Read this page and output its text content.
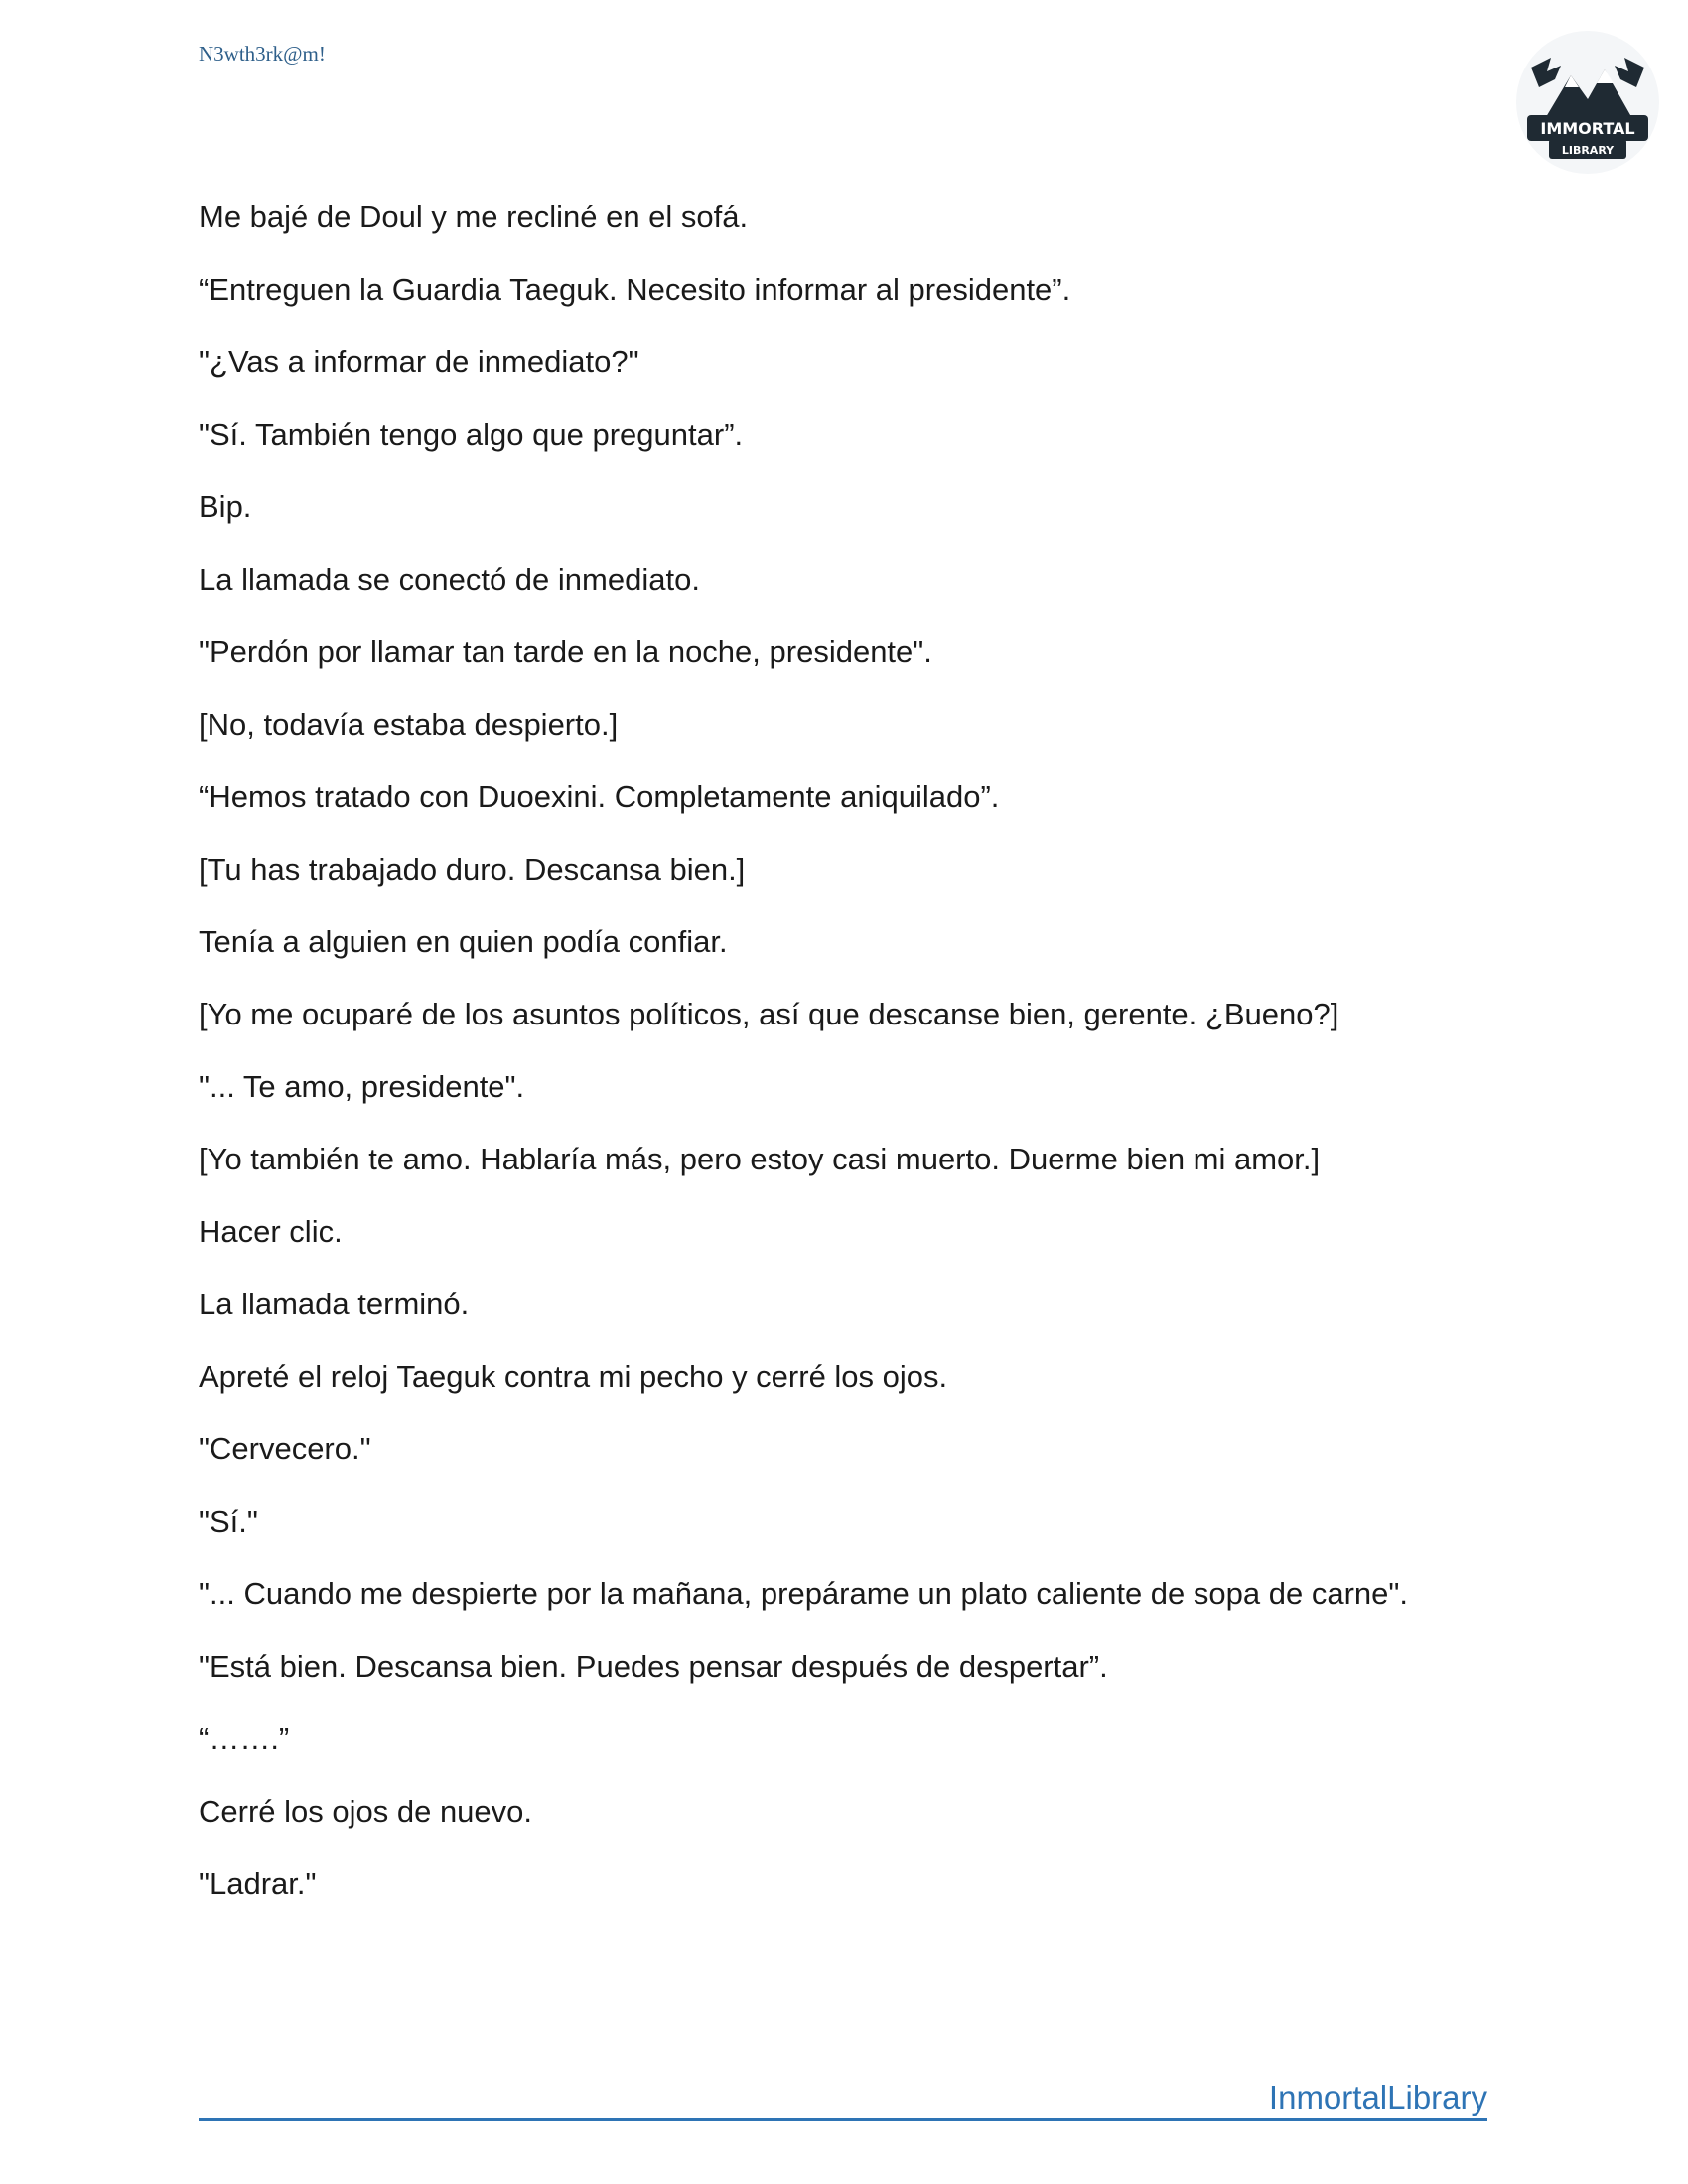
N3wth3rk@m!
IMMORTAL
LIBRARY

Me bajé de Doul y me recliné en el sofá.

“Entreguen la Guardia Taeguk. Necesito informar al presidente”.

"¿Vas a informar de inmediato?"

"Sí. También tengo algo que preguntar”.

Bip.

La llamada se conectó de inmediato.

"Perdón por llamar tan tarde en la noche, presidente".

[No, todavía estaba despierto.]

“Hemos tratado con Duoexini. Completamente aniquilado”.

[Tu has trabajado duro. Descansa bien.]

Tenía a alguien en quien podía confiar.

[Yo me ocuparé de los asuntos políticos, así que descanse bien, gerente. ¿Bueno?]

"... Te amo, presidente".

[Yo también te amo. Hablaría más, pero estoy casi muerto. Duerme bien mi amor.]

Hacer clic.

La llamada terminó.

Apreté el reloj Taeguk contra mi pecho y cerré los ojos.

"Cervecero."

"Sí."

"... Cuando me despierte por la mañana, prepárame un plato caliente de sopa de carne".

"Está bien. Descansa bien. Puedes pensar después de despertar”.

“…….”

Cerré los ojos de nuevo.

"Ladrar."

InmortalLibrary
